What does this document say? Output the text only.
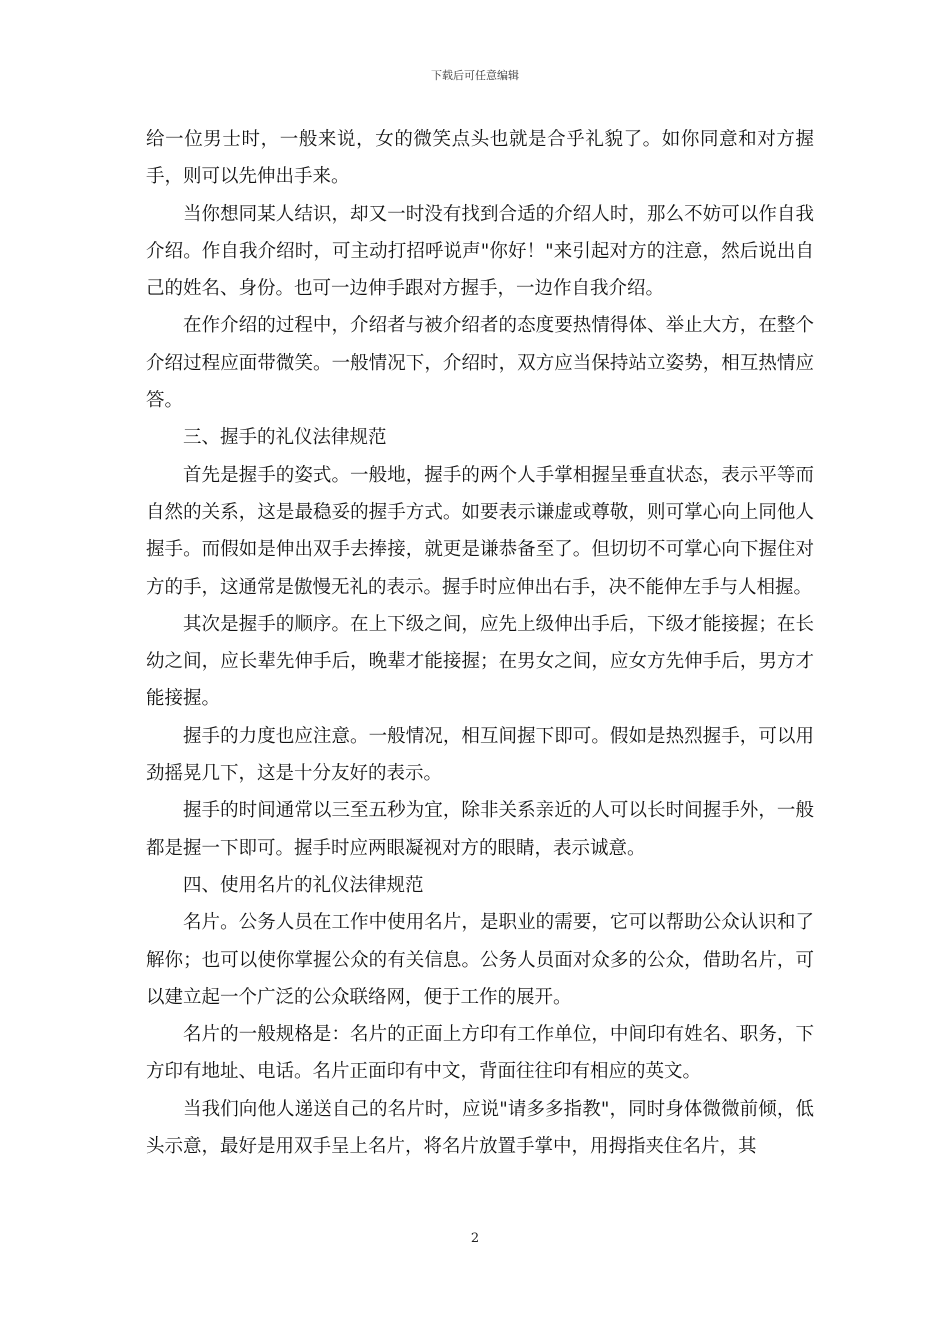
下载后可任意编辑

给一位男士时，一般来说，女的微笑点头也就是合乎礼貌了。如你同意和对方握手，则可以先伸出手来。

当你想同某人结识，却又一时没有找到合适的介绍人时，那么不妨可以作自我介绍。作自我介绍时，可主动打招呼说声"你好！"来引起对方的注意，然后说出自己的姓名、身份。也可一边伸手跟对方握手，一边作自我介绍。

在作介绍的过程中，介绍者与被介绍者的态度要热情得体、举止大方，在整个介绍过程应面带微笑。一般情况下，介绍时，双方应当保持站立姿势，相互热情应答。

三、握手的礼仪法律规范

首先是握手的姿式。一般地，握手的两个人手掌相握呈垂直状态，表示平等而自然的关系，这是最稳妥的握手方式。如要表示谦虚或尊敬，则可掌心向上同他人握手。而假如是伸出双手去捧接，就更是谦恭备至了。但切切不可掌心向下握住对方的手，这通常是傲慢无礼的表示。握手时应伸出右手，决不能伸左手与人相握。

其次是握手的顺序。在上下级之间，应先上级伸出手后，下级才能接握；在长幼之间，应长辈先伸手后，晚辈才能接握；在男女之间，应女方先伸手后，男方才能接握。

握手的力度也应注意。一般情况，相互间握下即可。假如是热烈握手，可以用劲摇晃几下，这是十分友好的表示。

握手的时间通常以三至五秒为宜，除非关系亲近的人可以长时间握手外，一般都是握一下即可。握手时应两眼凝视对方的眼睛，表示诚意。

四、使用名片的礼仪法律规范

名片。公务人员在工作中使用名片，是职业的需要，它可以帮助公众认识和了解你；也可以使你掌握公众的有关信息。公务人员面对众多的公众，借助名片，可以建立起一个广泛的公众联络网，便于工作的展开。

名片的一般规格是：名片的正面上方印有工作单位，中间印有姓名、职务，下方印有地址、电话。名片正面印有中文，背面往往印有相应的英文。

当我们向他人递送自己的名片时，应说"请多多指教"，同时身体微微前倾，低头示意，最好是用双手呈上名片，将名片放置手掌中，用拇指夹住名片，其

2
